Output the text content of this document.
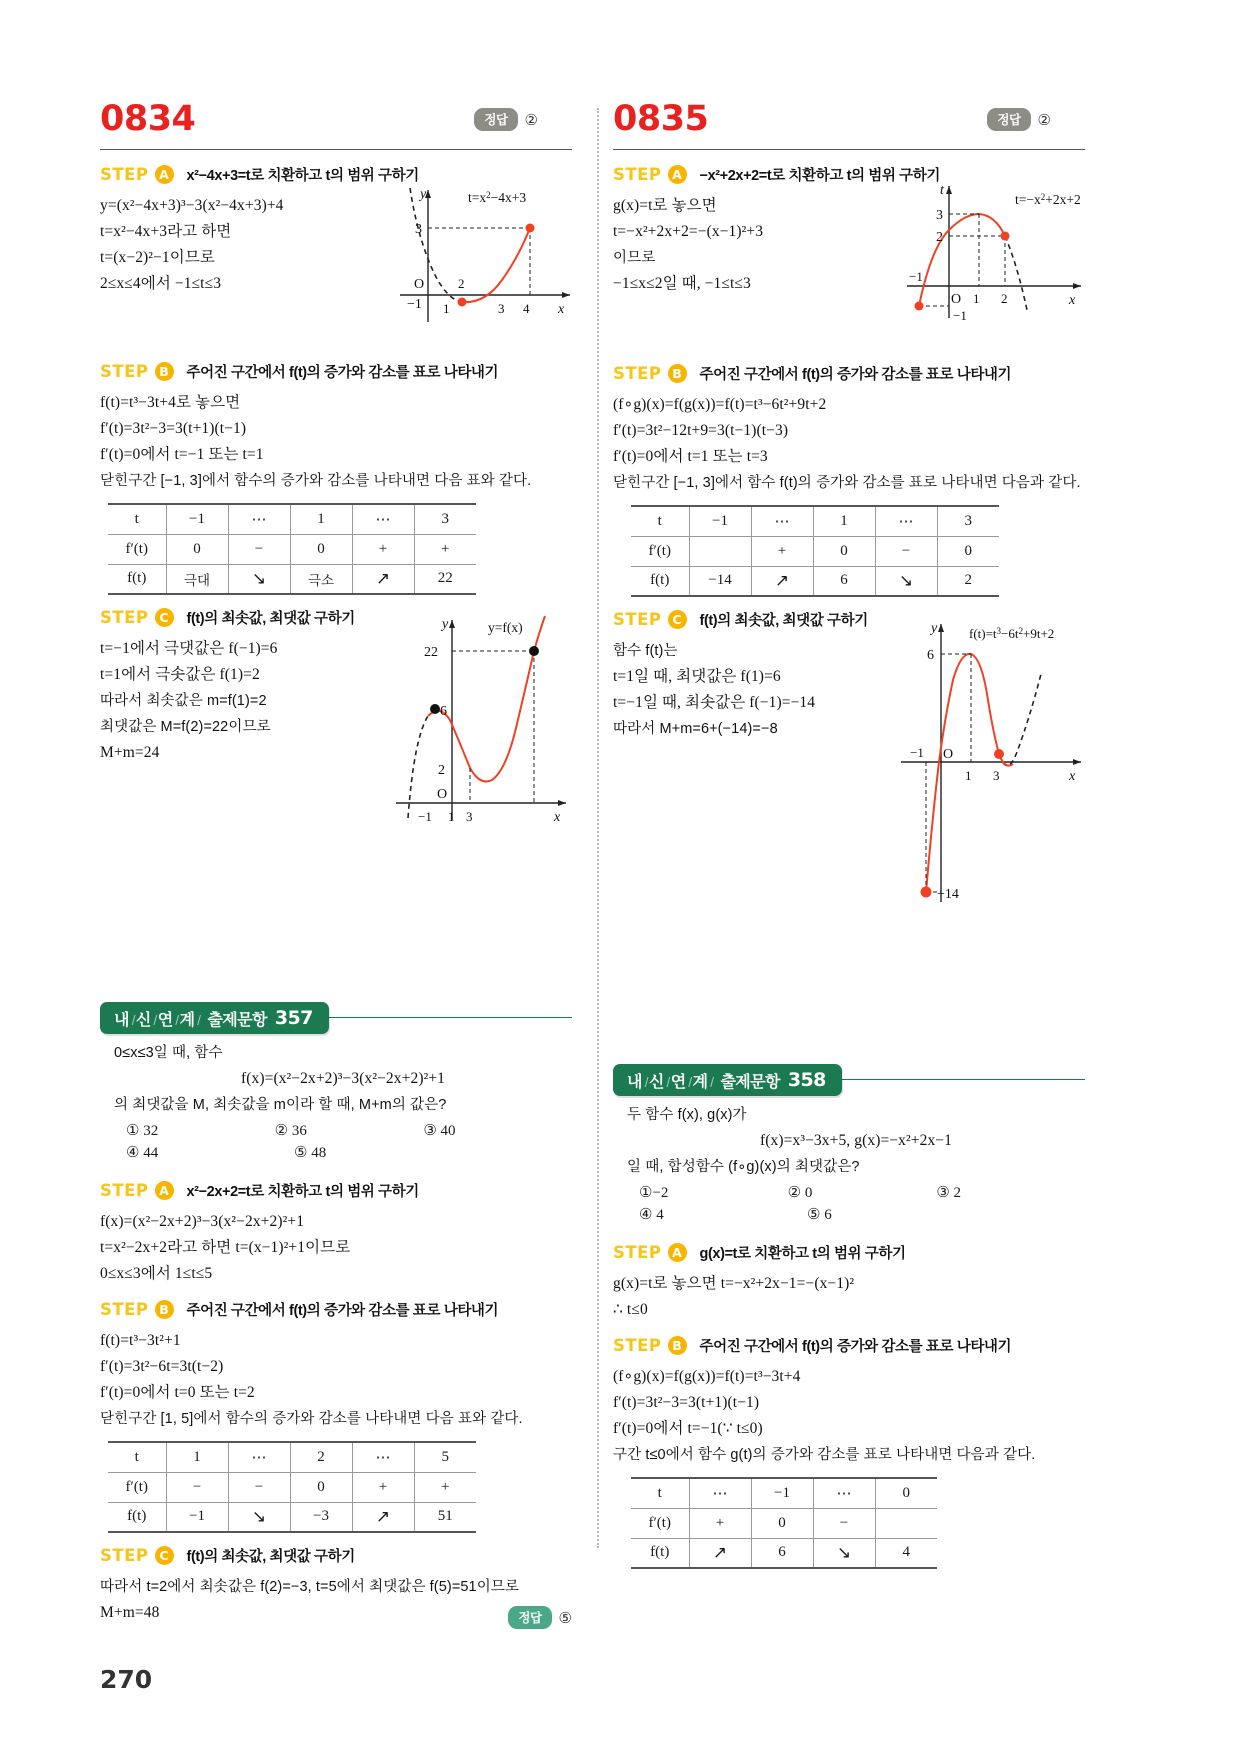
0834	정답	②
STEP A	x²−4x+3=t로 치환하고 t의 범위 구하기
y=(x²−4x+3)³−3(x²−4x+3)+4
t=x²−4x+3라고 하면
t=(x−2)²−1이므로
2≤x≤4에서 −1≤t≤3
y
x
3
−1
O
1
2
3 4
$t=x^2-4x+3$
STEP B	주어진 구간에서 f(t)의 증가와 감소를 표로 나타내기
f(t)=t³−3t+4로 놓으면
f′(t)=3t²−3=3(t+1)(t−1)
f′(t)=0에서 t=−1 또는 t=1
닫힌구간 [−1, 3]에서 함수의 증가와 감소를 나타내면 다음 표와 같다.
t	−1	⋯	1	⋯	3
f′(t)	0	−	0	+	+
f(t)	극대	↘	극소	↗	22
STEP C	f(t)의 최솟값, 최댓값 구하기
t=−1에서 극댓값은 f(−1)=6
t=1에서 극솟값은 f(1)=2
따라서 최솟값은 m=f(1)=2
최댓값은 M=f(2)=22이므로
M+m=24
y
x
22
6
2
O
−1 1 3
y=f(x)
내 / 신 / 연 / 계 / 출제문항 357
0≤x≤3일 때, 함수
f(x)=(x²−2x+2)³−3(x²−2x+2)²+1
의 최댓값을 M, 최솟값을 m이라 할 때, M+m의 값은?
① 32	② 36	③ 40
④ 44	⑤ 48
STEP A	x²−2x+2=t로 치환하고 t의 범위 구하기
f(x)=(x²−2x+2)³−3(x²−2x+2)²+1
t=x²−2x+2라고 하면 t=(x−1)²+1이므로
0≤x≤3에서 1≤t≤5
STEP B	주어진 구간에서 f(t)의 증가와 감소를 표로 나타내기
f(t)=t³−3t²+1
f′(t)=3t²−6t=3t(t−2)
f′(t)=0에서 t=0 또는 t=2
닫힌구간 [1, 5]에서 함수의 증가와 감소를 나타내면 다음 표와 같다.
t	1	⋯	2	⋯	5
f′(t)	−	−	0	+	+
f(t)	−1	↘	−3	↗	51
STEP C	f(t)의 최솟값, 최댓값 구하기
따라서 t=2에서 최솟값은 f(2)=−3, t=5에서 최댓값은 f(5)=51이므로
M+m=48	정답	⑤
0835	정답	②
STEP A	−x²+2x+2=t로 치환하고 t의 범위 구하기
g(x)=t로 놓으면
t=−x²+2x+2=−(x−1)²+3
이므로
−1≤x≤2일 때, −1≤t≤3
t
x
3
2
−1
O 1 2
−1
$t=-x^2+2x+2$
STEP B	주어진 구간에서 f(t)의 증가와 감소를 표로 나타내기
(f∘g)(x)=f(g(x))=f(t)=t³−6t²+9t+2
f′(t)=3t²−12t+9=3(t−1)(t−3)
f′(t)=0에서 t=1 또는 t=3
닫힌구간 [−1, 3]에서 함수 f(t)의 증가와 감소를 표로 나타내면 다음과 같다.
t	−1	⋯	1	⋯	3
f′(t)		+	0	−	0
f(t)	−14	↗	6	↘	2
STEP C	f(t)의 최솟값, 최댓값 구하기
함수 f(t)는
t=1일 때, 최댓값은 f(1)=6
t=−1일 때, 최솟값은 f(−1)=−14
따라서 M+m=6+(−14)=−8
y
x
6
−1 O
1 3
−14
$f(t)=t^3-6t^2+9t+2$
내 / 신 / 연 / 계 / 출제문항 358
두 함수 f(x), g(x)가
f(x)=x³−3x+5, g(x)=−x²+2x−1
일 때, 합성함수 (f∘g)(x)의 최댓값은?
①−2	② 0	③ 2
④ 4	⑤ 6
STEP A	g(x)=t로 치환하고 t의 범위 구하기
g(x)=t로 놓으면 t=−x²+2x−1=−(x−1)²
∴ t≤0
STEP B	주어진 구간에서 f(t)의 증가와 감소를 표로 나타내기
(f∘g)(x)=f(g(x))=f(t)=t³−3t+4
f′(t)=3t²−3=3(t+1)(t−1)
f′(t)=0에서 t=−1(∵ t≤0)
구간 t≤0에서 함수 g(t)의 증가와 감소를 표로 나타내면 다음과 같다.
t	⋯	−1	⋯	0
f′(t)	+	0	−	
f(t)	↗	6	↘	4
270
